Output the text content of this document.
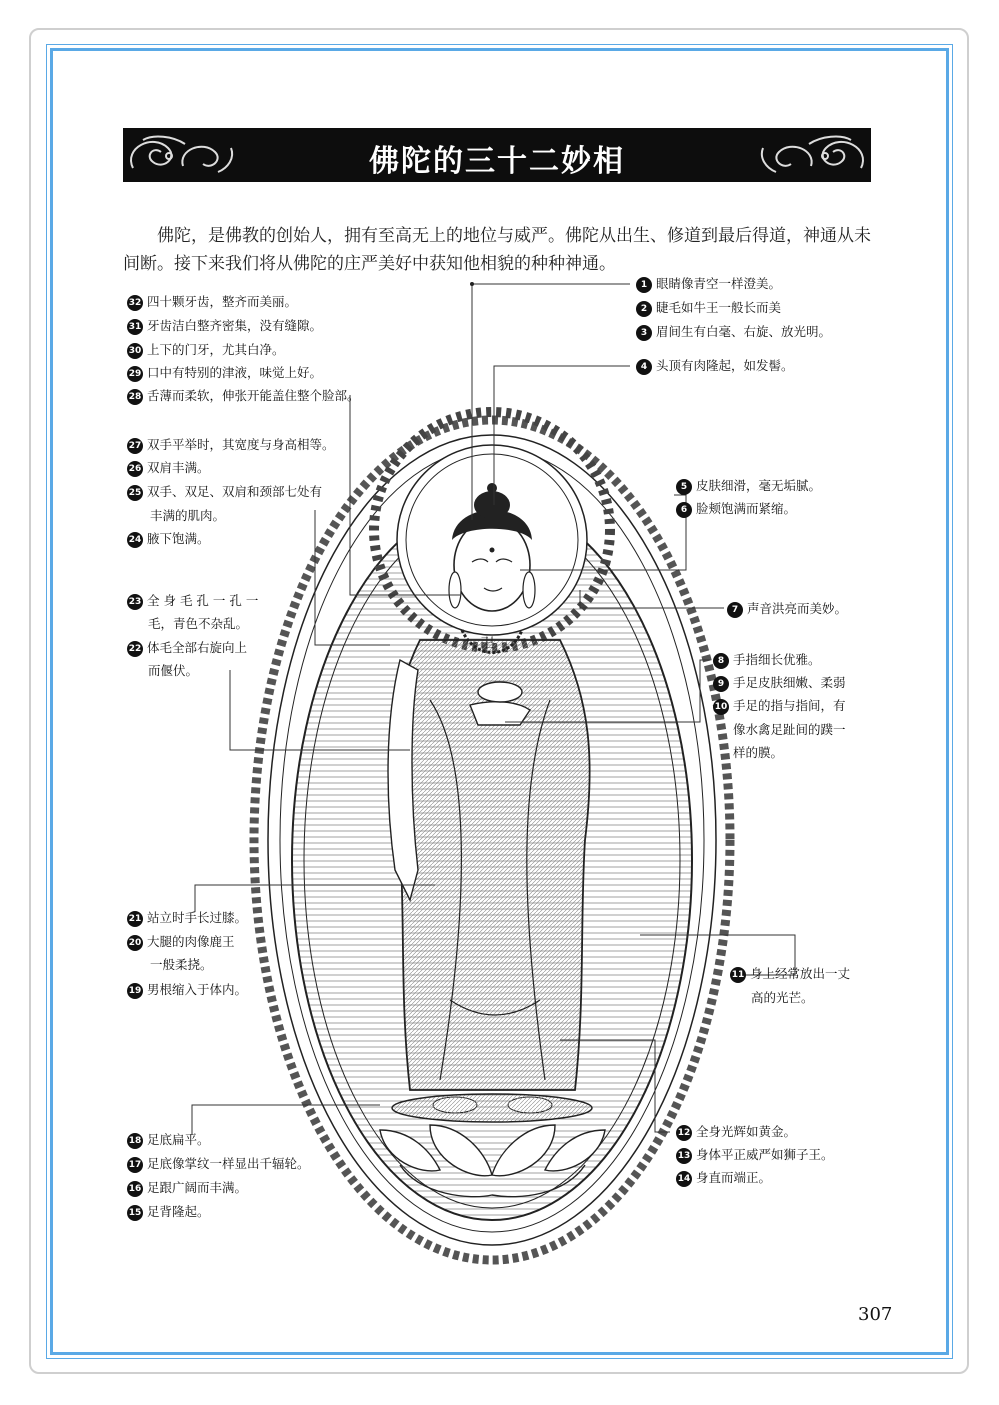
佛陀的三十二妙相

佛陀，是佛教的创始人，拥有至高无上的地位与威严。佛陀从出生、修道到最后得道，神通从未间断。接下来我们将从佛陀的庄严美好中获知他相貌的种种神通。

卍
1 眼睛像青空一样澄美。
2 睫毛如牛王一般长而美
3 眉间生有白毫、右旋、放光明。
4 头顶有肉隆起，如发髻。
5 皮肤细滑，毫无垢腻。
6 脸颊饱满而紧缩。
7 声音洪亮而美妙。
8 手指细长优雅。
9 手足皮肤细嫩、柔弱
10 手足的指与指间，有
像水禽足趾间的蹼一
样的膜。
11 身上经常放出一丈
高的光芒。
12 全身光辉如黄金。
13 身体平正威严如狮子王。
14 身直而端正。
32 四十颗牙齿，整齐而美丽。
31 牙齿洁白整齐密集，没有缝隙。
30 上下的门牙，尤其白净。
29 口中有特别的津液，味觉上好。
28 舌薄而柔软，伸张开能盖住整个脸部。
27 双手平举时，其宽度与身高相等。
26 双肩丰满。
25 双手、双足、双肩和颈部七处有
丰满的肌肉。
24 腋下饱满。
23 全 身 毛 孔 一 孔 一
毛，青色不杂乱。
22 体毛全部右旋向上
而偃伏。
21 站立时手长过膝。
20 大腿的肉像鹿王
一般柔挠。
19 男根缩入于体内。
18 足底扁平。
17 足底像掌纹一样显出千辐轮。
16 足跟广阔而丰满。
15 足背隆起。
307
